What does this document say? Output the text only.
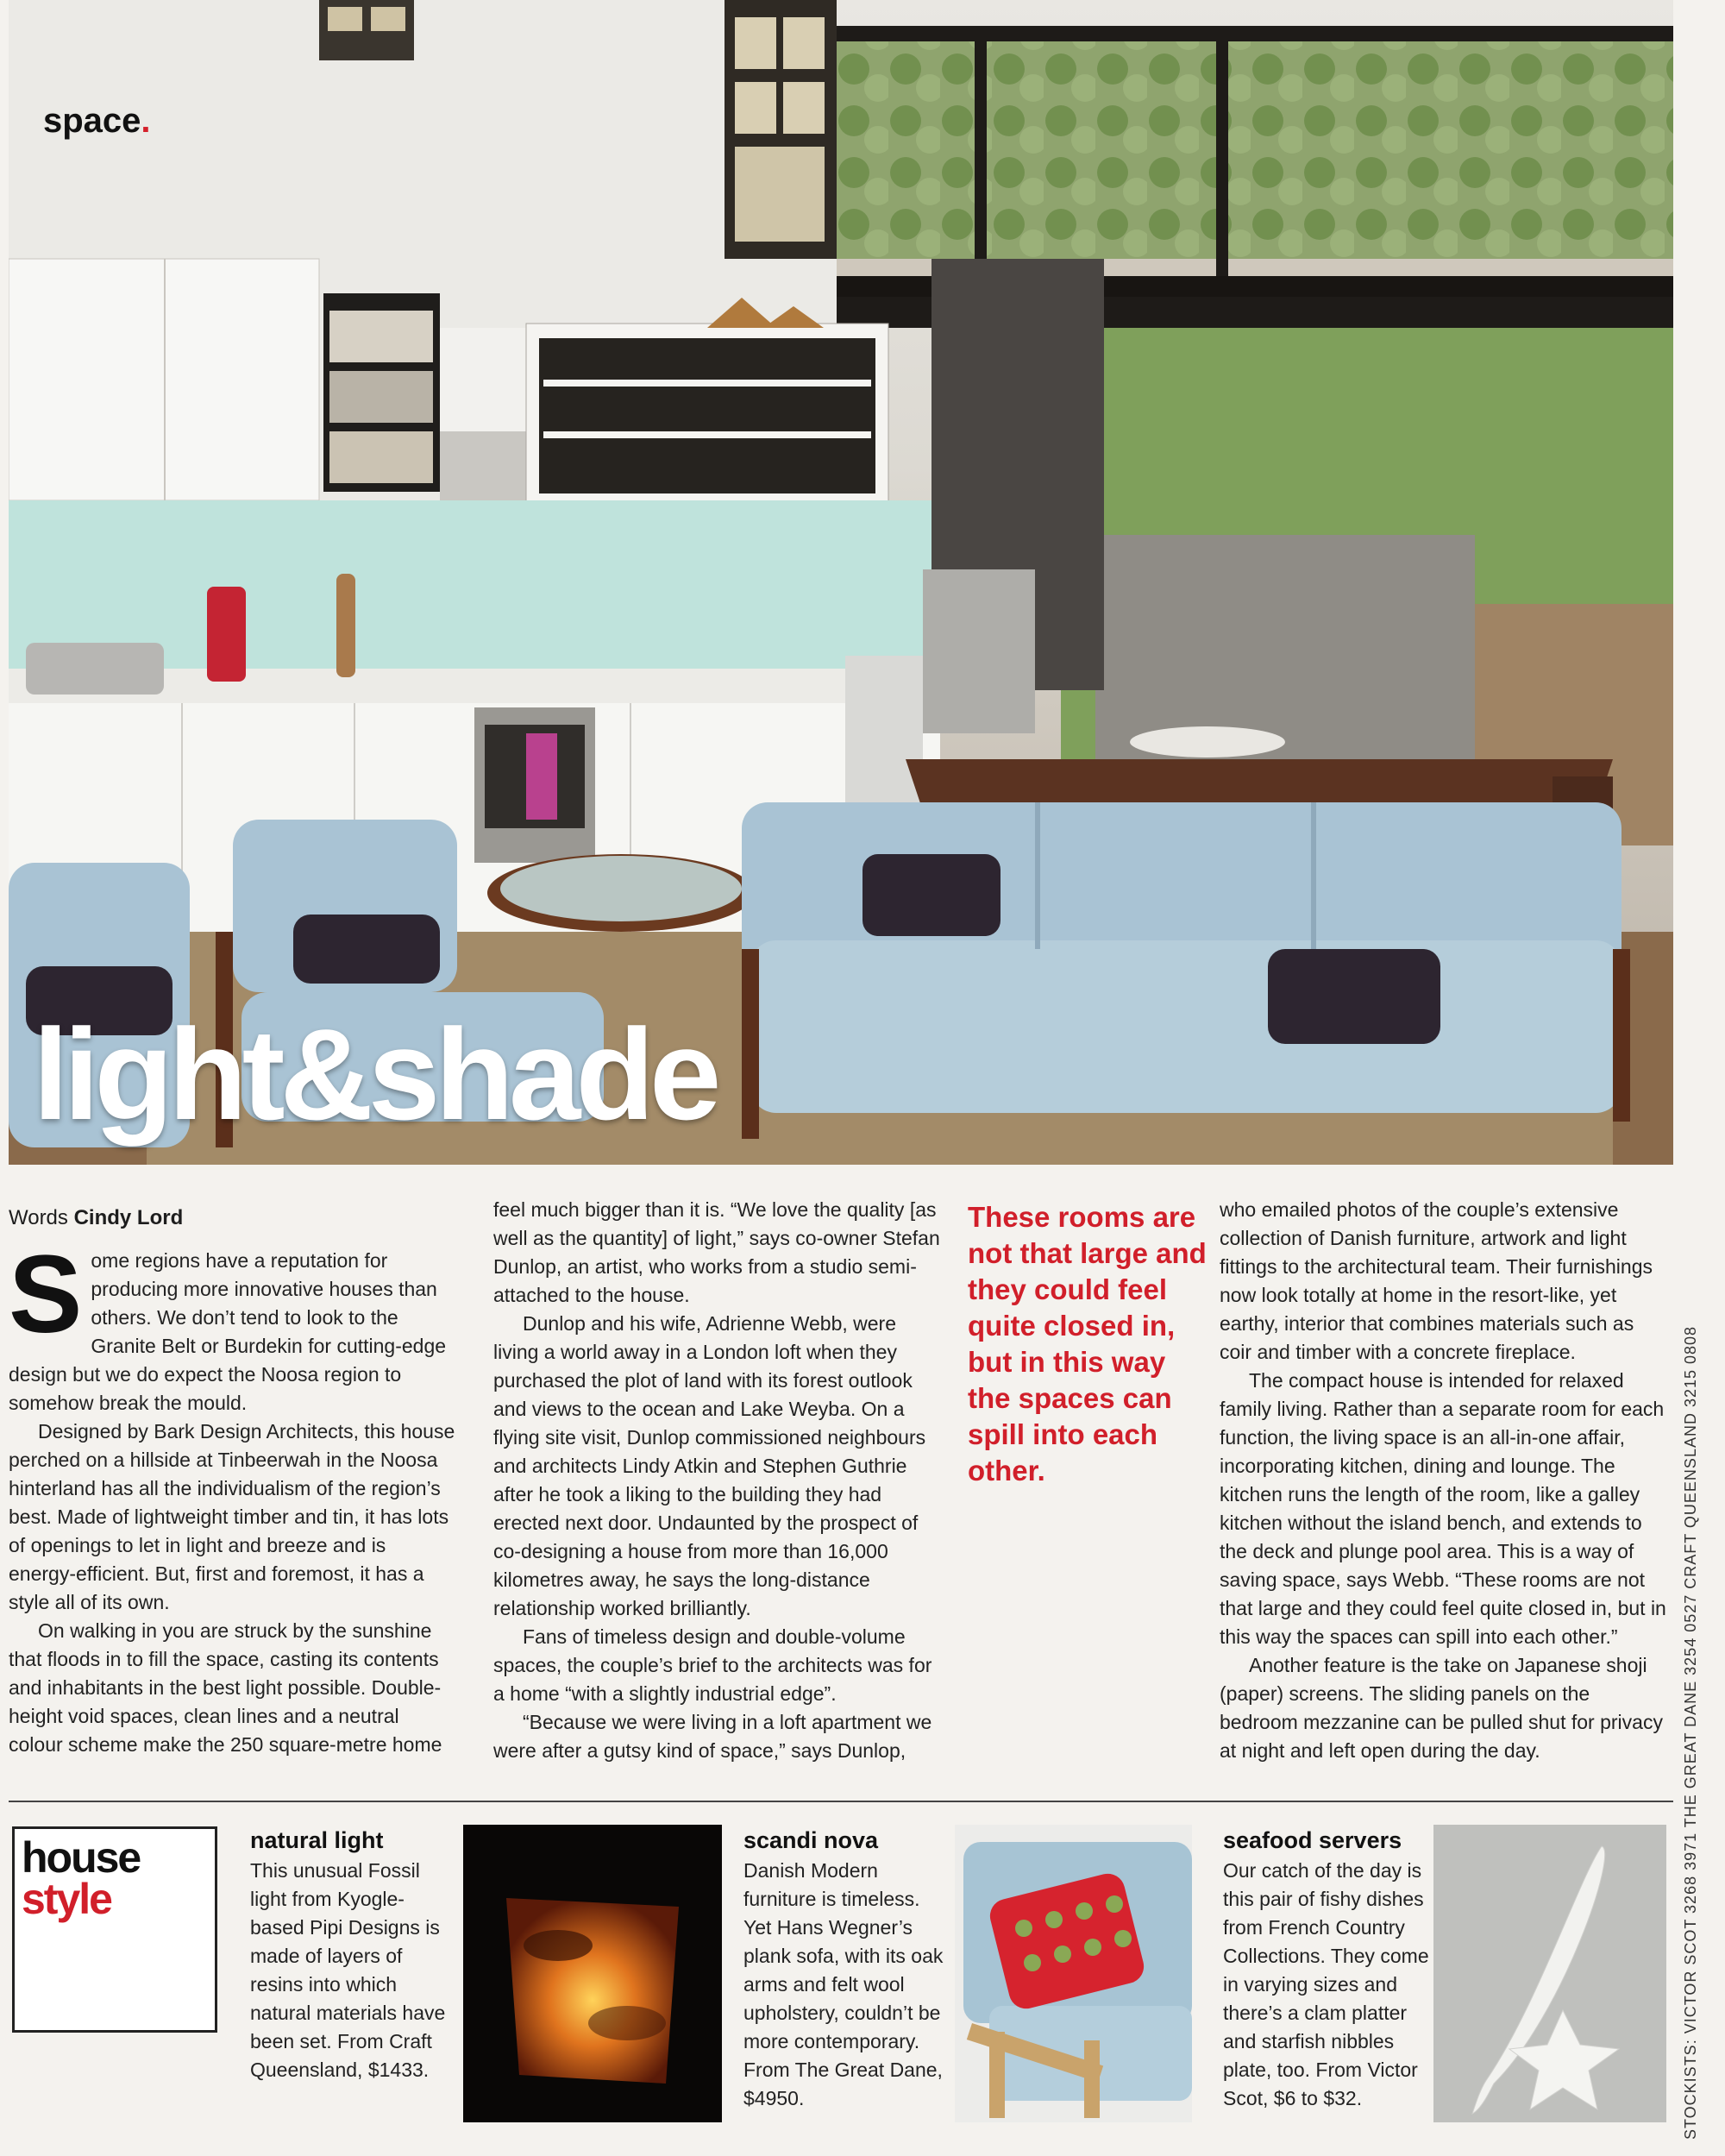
space.
light&shade
Words Cindy Lord

Some regions have a reputation for producing more innovative houses than others. We don’t tend to look to the Granite Belt or Burdekin for cutting-edge design but we do expect the Noosa region to somehow break the mould.

Designed by Bark Design Architects, this house perched on a hillside at Tinbeerwah in the Noosa hinterland has all the individualism of the region’s best. Made of lightweight timber and tin, it has lots of openings to let in light and breeze and is energy-efficient. But, first and foremost, it has a style all of its own.

On walking in you are struck by the sunshine that floods in to fill the space, casting its contents and inhabitants in the best light possible. Double-height void spaces, clean lines and a neutral colour scheme make the 250 square-metre home

feel much bigger than it is. “We love the quality [as well as the quantity] of light,” says co-owner Stefan Dunlop, an artist, who works from a studio semi-attached to the house.

Dunlop and his wife, Adrienne Webb, were living a world away in a London loft when they purchased the plot of land with its forest outlook and views to the ocean and Lake Weyba. On a flying site visit, Dunlop commissioned neighbours and architects Lindy Atkin and Stephen Guthrie after he took a liking to the building they had erected next door. Undaunted by the prospect of co-designing a house from more than 16,000 kilometres away, he says the long-distance relationship worked brilliantly.

Fans of timeless design and double-volume spaces, the couple’s brief to the architects was for a home “with a slightly industrial edge”.

“Because we were living in a loft apartment we were after a gutsy kind of space,” says Dunlop,

These rooms are not that large and they could feel quite closed in, but in this way the spaces can spill into each other.

who emailed photos of the couple’s extensive collection of Danish furniture, artwork and light fittings to the architectural team. Their furnishings now look totally at home in the resort-like, yet earthy, interior that combines materials such as coir and timber with a concrete fireplace.

The compact house is intended for relaxed family living. Rather than a separate room for each function, the living space is an all-in-one affair, incorporating kitchen, dining and lounge. The kitchen runs the length of the room, like a galley kitchen without the island bench, and extends to the deck and plunge pool area. This is a way of saving space, says Webb. “These rooms are not that large and they could feel quite closed in, but in this way the spaces can spill into each other.”

Another feature is the take on Japanese shoji (paper) screens. The sliding panels on the bedroom mezzanine can be pulled shut for privacy at night and left open during the day.	STOCKISTS: VICTOR SCOT 3268 3971 THE GREAT DANE 3254 0527 CRAFT QUEENSLAND 3215 0808
house
style
natural light
This unusual Fossil light from Kyogle-based Pipi Designs is made of layers of resins into which natural materials have been set. From Craft Queensland, $1433.
scandi nova
Danish Modern furniture is timeless. Yet Hans Wegner’s plank sofa, with its oak arms and felt wool upholstery, couldn’t be more contemporary. From The Great Dane, $4950.
seafood servers
Our catch of the day is this pair of fishy dishes from French Country Collections. They come in varying sizes and there’s a clam platter and starfish nibbles plate, too. From Victor Scot, $6 to $32.
